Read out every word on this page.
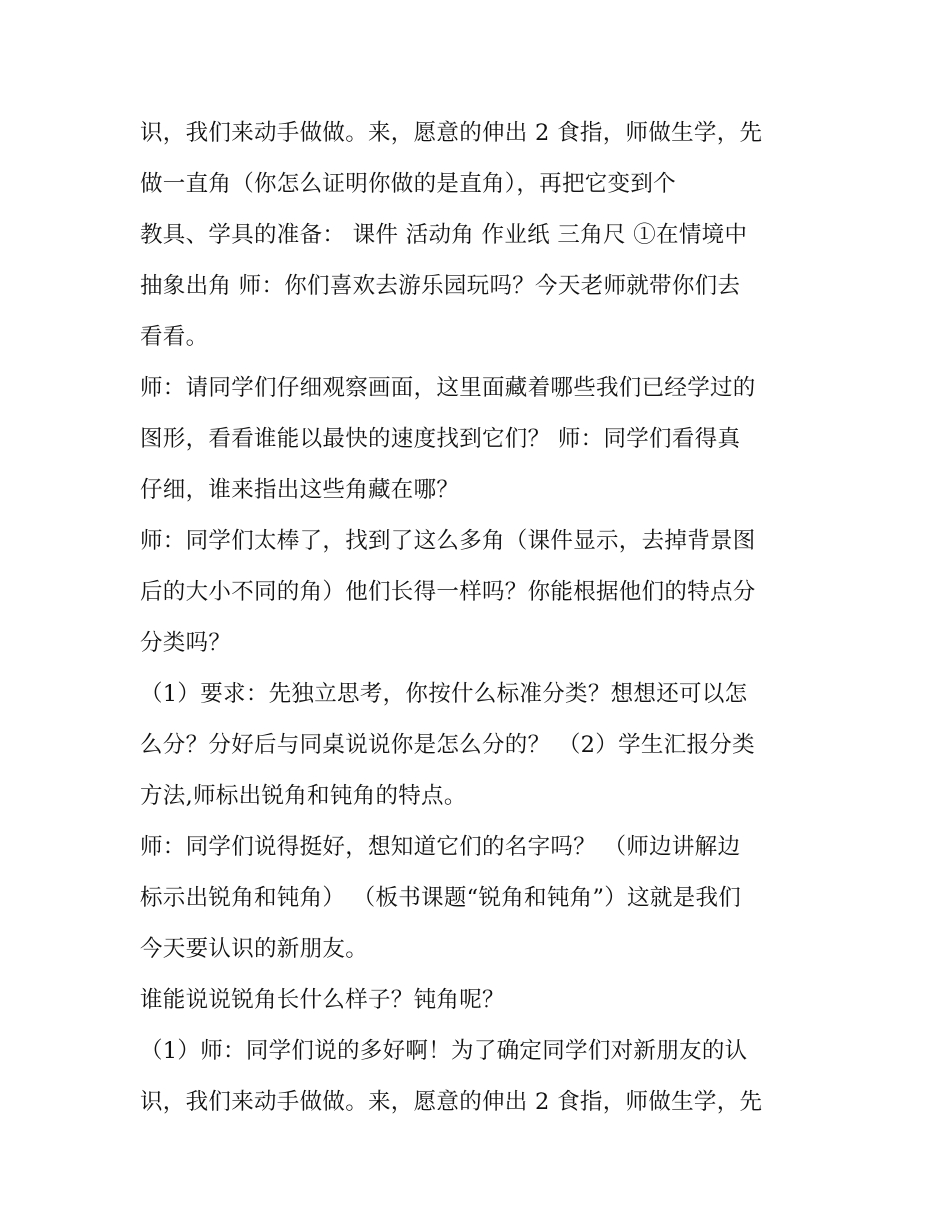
识，我们来动手做做。来，愿意的伸出 2 食指，师做生学，先
做一直角（你怎么证明你做的是直角），再把它变到个
教具、学具的准备： 课件 活动角 作业纸 三角尺 ①在情境中
抽象出角 师：你们喜欢去游乐园玩吗？今天老师就带你们去
看看。
师：请同学们仔细观察画面，这里面藏着哪些我们已经学过的
图形，看看谁能以最快的速度找到它们？ 师：同学们看得真
仔细，谁来指出这些角藏在哪？
师：同学们太棒了，找到了这么多角（课件显示，去掉背景图
后的大小不同的角）他们长得一样吗？你能根据他们的特点分
分类吗？
（1）要求：先独立思考，你按什么标准分类？想想还可以怎
么分？分好后与同桌说说你是怎么分的？ （2）学生汇报分类
方法,师标出锐角和钝角的特点。
师：同学们说得挺好，想知道它们的名字吗？ （师边讲解边
标示出锐角和钝角） （板书课题“锐角和钝角”）这就是我们
今天要认识的新朋友。
谁能说说锐角长什么样子？钝角呢？
（1）师：同学们说的多好啊！为了确定同学们对新朋友的认
识，我们来动手做做。来，愿意的伸出 2 食指，师做生学，先
